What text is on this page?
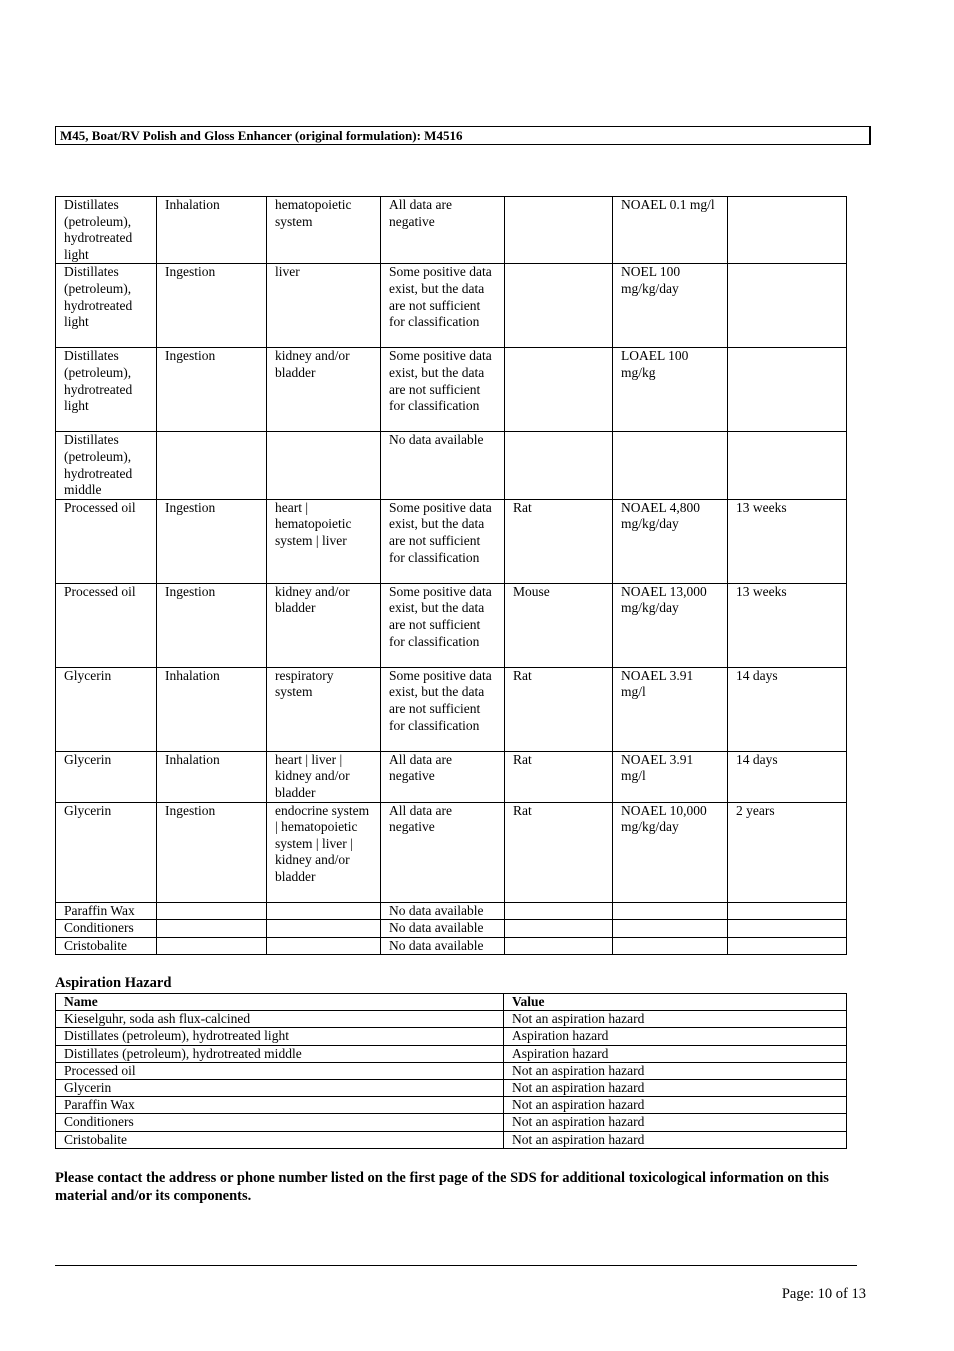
M45, Boat/RV Polish and Gloss Enhancer (original formulation): M4516
Distillates (petroleum), hydrotreated light	Inhalation	hematopoietic system	All data are negative		NOAEL 0.1 mg/l	
Distillates (petroleum), hydrotreated light	Ingestion	liver	Some positive data exist, but the data are not sufficient for classification		NOEL 100 mg/kg/day	
Distillates (petroleum), hydrotreated light	Ingestion	kidney and/or bladder	Some positive data exist, but the data are not sufficient for classification		LOAEL 100 mg/kg	
Distillates (petroleum), hydrotreated middle			No data available			
Processed oil	Ingestion	heart | hematopoietic system | liver	Some positive data exist, but the data are not sufficient for classification	Rat	NOAEL 4,800 mg/kg/day	13 weeks
Processed oil	Ingestion	kidney and/or bladder	Some positive data exist, but the data are not sufficient for classification	Mouse	NOAEL 13,000 mg/kg/day	13 weeks
Glycerin	Inhalation	respiratory system	Some positive data exist, but the data are not sufficient for classification	Rat	NOAEL 3.91 mg/l	14 days
Glycerin	Inhalation	heart | liver | kidney and/or bladder	All data are negative	Rat	NOAEL 3.91 mg/l	14 days
Glycerin	Ingestion	endocrine system | hematopoietic system | liver | kidney and/or bladder	All data are negative	Rat	NOAEL 10,000 mg/kg/day	2 years
Paraffin Wax			No data available			
Conditioners			No data available			
Cristobalite			No data available			
Aspiration Hazard
Name	Value
Kieselguhr, soda ash flux-calcined	Not an aspiration hazard
Distillates (petroleum), hydrotreated light	Aspiration hazard
Distillates (petroleum), hydrotreated middle	Aspiration hazard
Processed oil	Not an aspiration hazard
Glycerin	Not an aspiration hazard
Paraffin Wax	Not an aspiration hazard
Conditioners	Not an aspiration hazard
Cristobalite	Not an aspiration hazard
Please contact the address or phone number listed on the first page of the SDS for additional toxicological information on this material and/or its components.
Page: 10 of 13
